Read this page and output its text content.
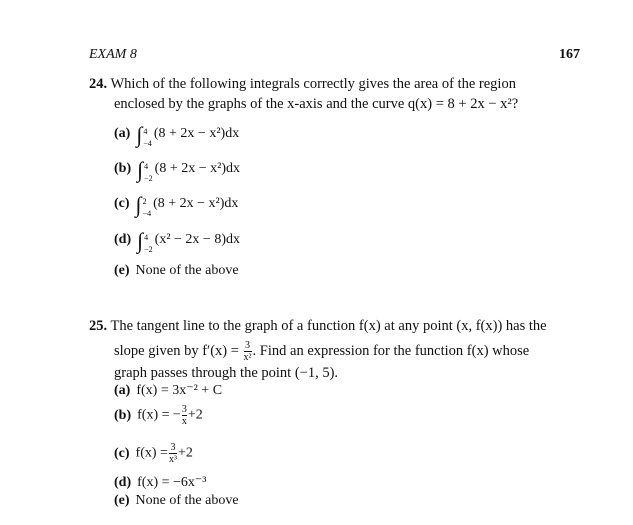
EXAM 8	167
24. Which of the following integrals correctly gives the area of the region
enclosed by the graphs of the x-axis and the curve q(x) = 8 + 2x − x²?
(a) ∫ 4
−4
(8 + 2x − x²)dx
(b) ∫ 4
−2
(8 + 2x − x²)dx
(c) ∫ 2
−4
(8 + 2x − x²)dx
(d) ∫ 4
−2
(x² − 2x − 8)dx
(e) None of the above
25. The tangent line to the graph of a function f(x) at any point (x, f(x)) has the
slope given by $f'(x) = \frac{3}{\text{x²}}$ . Find an expression for the function f(x) whose
graph passes through the point (−1, 5).
(a) f(x) = 3x⁻² + C
(b) f(x) = − $\frac{3}{x} +2$
(c) $f(x) = \frac{3}{\text{x³}} +2$
(d) f(x) = −6x⁻³
(e) None of the above
